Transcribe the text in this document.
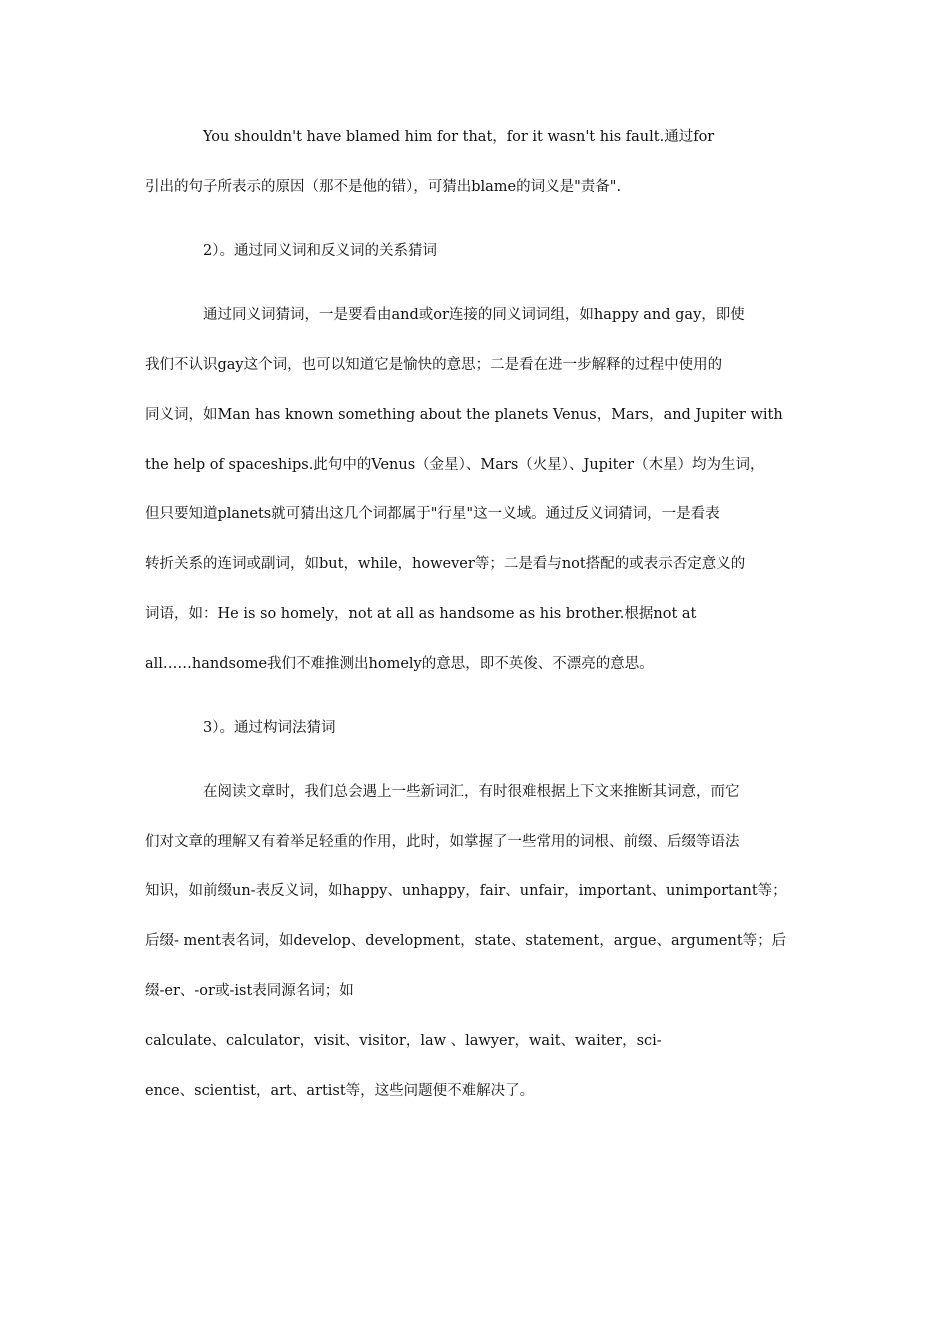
You shouldn't have blamed him for that，for it wasn't his fault.通过for
引出的句子所表示的原因（那不是他的错），可猜出blame的词义是"责备".
2）。通过同义词和反义词的关系猜词
通过同义词猜词，一是要看由and或or连接的同义词词组，如happy and gay，即使
我们不认识gay这个词，也可以知道它是愉快的意思；二是看在进一步解释的过程中使用的
同义词，如Man has known something about the planets Venus，Mars，and Jupiter with
the help of spaceships.此句中的Venus（金星）、Mars（火星）、Jupiter（木星）均为生词，
但只要知道planets就可猜出这几个词都属于"行星"这一义域。通过反义词猜词，一是看表
转折关系的连词或副词，如but，while，however等；二是看与not搭配的或表示否定意义的
词语，如：He is so homely，not at all as handsome as his brother.根据not at
all……handsome我们不难推测出homely的意思，即不英俊、不漂亮的意思。
3）。通过构词法猜词
在阅读文章时，我们总会遇上一些新词汇，有时很难根据上下文来推断其词意，而它
们对文章的理解又有着举足轻重的作用，此时，如掌握了一些常用的词根、前缀、后缀等语法
知识，如前缀un-表反义词，如happy、unhappy，fair、unfair，important、unimportant等；
后缀- ment表名词，如develop、development，state、statement，argue、argument等；后
缀-er、-or或-ist表同源名词；如
calculate、calculator，visit、visitor，law 、lawyer，wait、waiter，sci-
ence、scientist，art、artist等，这些问题便不难解决了。
